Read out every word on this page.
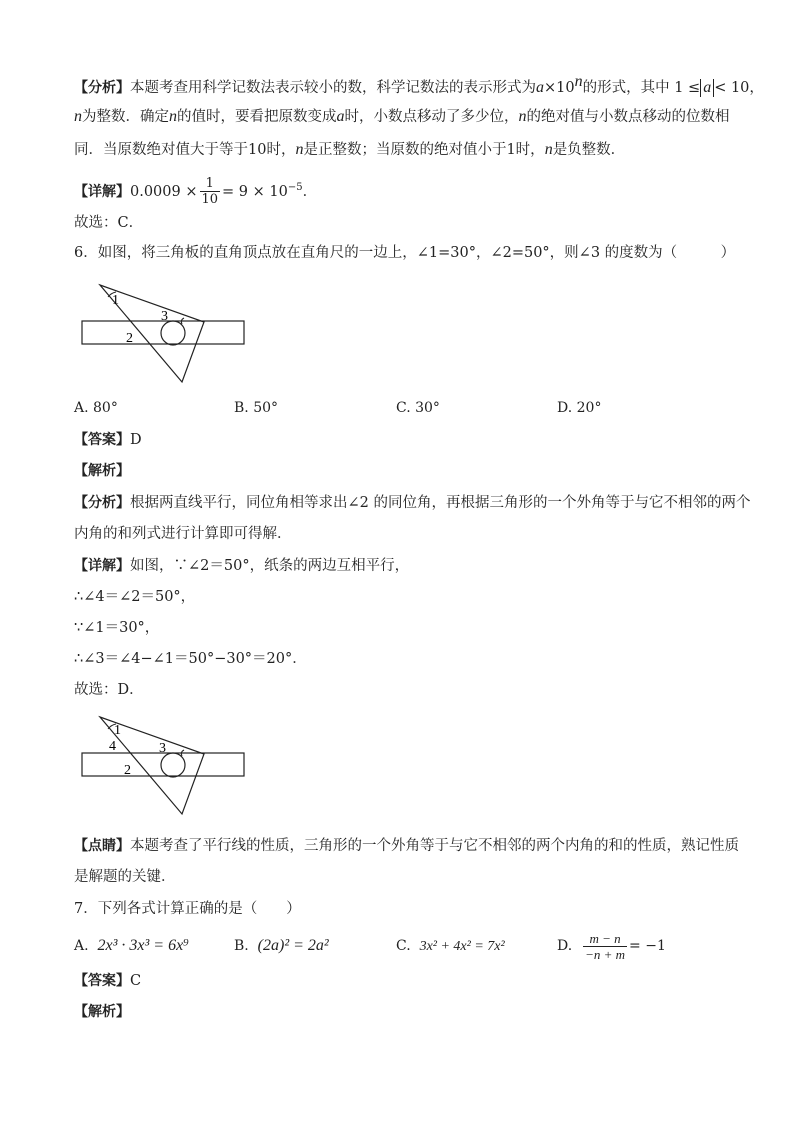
【分析】本题考查用科学记数法表示较小的数，科学记数法的表示形式为$a\times 10^n$的形式，其中 1 ≤ a < 10，
n为整数．确定n的值时，要看把原数变成a时，小数点移动了多少位，n的绝对值与小数点移动的位数相
同．当原数绝对值大于等于10时，n是正整数；当原数的绝对值小于1时，n是负整数．
【详解】$0.0009 \times \frac{1}{10} = 9 \times 10^{-5}$．
故选：C．
6．如图，将三角板的直角顶点放在直角尺的一边上，∠1=30°，∠2=50°，则∠3 的度数为（　　　）
1
3
2
A. 80°	B. 50°	C. 30°	D. 20°
【答案】D
【解析】
【分析】根据两直线平行，同位角相等求出∠2 的同位角，再根据三角形的一个外角等于与它不相邻的两个
内角的和列式进行计算即可得解．
【详解】如图，∵∠2＝50°，纸条的两边互相平行，
∴∠4＝∠2＝50°，
∵∠1＝30°，
∴∠3＝∠4−∠1＝50°−30°＝20°．
故选：D．
1
4	3
2
【点睛】本题考查了平行线的性质，三角形的一个外角等于与它不相邻的两个内角的和的性质，熟记性质
是解题的关键．
7．下列各式计算正确的是（　　）
A. 2x³ · 3x³ = 6x⁹	B. (2a)² = 2a²	C. 3x² + 4x² = 7x²	D. $\frac{m - n}{-n + m} = -1$
【答案】C
【解析】
